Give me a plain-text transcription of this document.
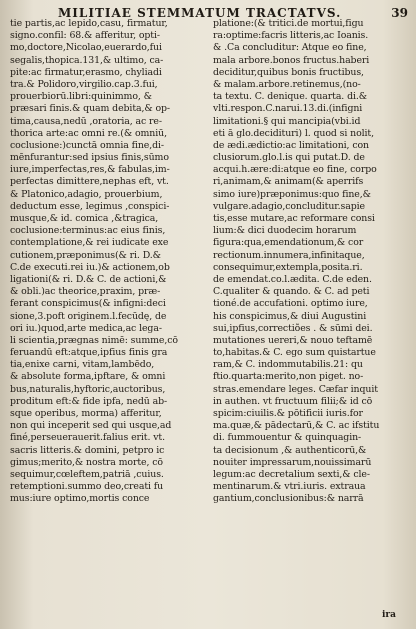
MILITIAE STEMMATUM TRACTATVS.	39
tie partis,ac lepido,casu, firmatur,
signo.confil: 68.& afferitur, opti-
mo,doctore,Nicolao,euerardo,fui
segalis,thopica.131,& ultimo, ca-
pite:ac firmatur,erasmo, chyliadi
tra.& Polidoro,virgilio.cap.3.fui,
prouerbiorū.libri:quinimmo, &
præsari finis.& quam debita,& op-
tima,causa,nedū ,oratoria, ac re-
thorica arte:ac omni re.(& omniū,
coclusione:)cunctā omnia fine,di-
mēnfurantur:sed ipsius finis,sūmo
iure,imperfectas,res,& fabulas,im-
perfectas dimittere,nephas eft, vt.
& Platonico,adagio, prouerbium,
deductum esse, legimus ,conspici-
musque,& id. comica ,&tragica,
coclusione:terminus:ac eius finis,
contemplatione,& rei iudicate exe
cutionem,præponimus(& ri. D.&
C.de executi.rei iu.)& actionem,ob
ligationi(& ri. D.& C. de actioni,&
& obli.)ac theorice,praxim, præ-
ferant conspicimus(& infigni:deci
sione,3.poft originem.l.fecūdę, de
ori iu.)quod,arte medica,ac lega-
li scientia,prægnas nimē: summe,cō
feruandū eft:atque,ipfius finis gra
tia,enixe carni, vitam,lambēdo,
& absolute forma,ipftare, & omni
bus,naturalis,hyftoric,auctoribus,
proditum eft:& fide ipfa, nedū ab-
sque operibus, morma) afferitur,
non qui inceperit sed qui usque,ad
finé,perseuerauerit.falius erit. vt.
sacris litteris.& domini, petpro ic
gimus;merito,& nostra morte, cō
sequimur,cœleftem,patriā ,cuius.
retemptioni.summo deo,creati fu
mus:iure optimo,mortis conce
platione:(& tritici.de mortui,figu
ra:optime:facris litteris,ac Ioanis.
& .Ca concluditur: Atque eo fine,
mala arbore.bonos fructus.haberi
deciditur,quibus bonis fructibus,
& malam.arbore.retinemus,(no-
ta textu. C. denique. quarta. di.&
vlti.respon.C.narui.13.di.(infigni
limitationi.§ qui mancipia(vbi.id
eti ā glo.decidituri) l. quod si nolit,
de ædi.ædictio:ac limitationi, con
clusiorum.glo.l.is qui putat.D. de
acqui.h.ære:di:atque eo fine, corpo
ri,animam,& animam(& aperrifs
simo iure)præponimus:quo fine,&
vulgare.adagio,concluditur.sapie
tis,esse mutare,ac reformare consi
lium:& dici duodecim horarum
figura:qua,emendationum,& cor
rectionum.innumera,infinitaque,
consequimur,extempla,posita.ri.
de emendat.co.l.ædita. C.de eden.
C.qualiter & quando. & C. ad peti
tioné.de accufationi. optimo iure,
his conspicimus,& diui Augustini
sui,ipfius,correctiões . & sūmi dei.
mutationes uereri,& nouo teftamē
to,habitas.& C. ego sum quistartue
ram,& C. indommutabilis.21: qu
ftio.quarta:merito,non piget. no-
stras.emendare leges. Cæfar inquit
in authen. vt fructuum filii;& id cō
spicim:ciuilis.& pōtificii iuris.for
ma.quæ,& pādectarū,& C. ac ifstitu
di. fummouentur & quinquagin-
ta decisionum ,& authenticorū,&
nouiter impressarum,nouissimarū
legum:ac decretalium sexti,& cle-
mentinarum.& vtri.iuris. extraua
gantium,conclusionibus:& narrā
ira
